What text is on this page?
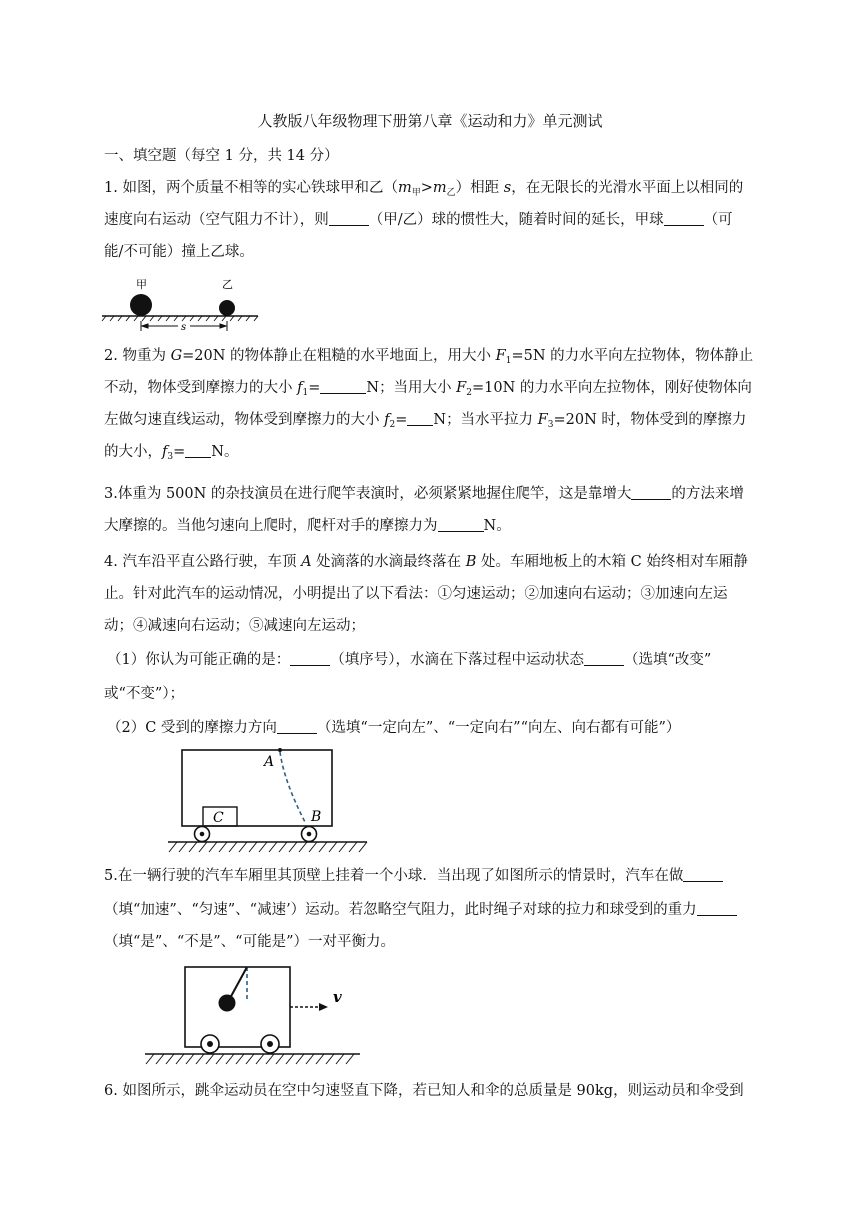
人教版八年级物理下册第八章《运动和力》单元测试
一、填空题（每空 1 分，共 14 分）
1. 如图，两个质量不相等的实心铁球甲和乙$(m_甲>m_乙)$相距 s，在无限长的光滑水平面上以相同的
速度向右运动（空气阻力不计），则	（甲/乙）球的惯性大，随着时间的延长，甲球	（可
能/不可能）撞上乙球。
甲	乙
s
2. 物重为 G=20N 的物体静止在粗糙的水平地面上，用大小 $F_1=5N$ 的力水平向左拉物体，物体静止
不动，物体受到摩擦力的大小 $f_1=$	N；当用大小 $F_2=10N$ 的力水平向左拉物体，刚好使物体向
左做匀速直线运动，物体受到摩擦力的大小 $f_2= N$；当水平拉力 $F_3=20N$ 时，物体受到的摩擦力
的大小，$f_3= N$。
3.体重为 500N 的杂技演员在进行爬竿表演时，必须紧紧地握住爬竿，这是靠增大	的方法来增
大摩擦的。当他匀速向上爬时，爬杆对手的摩擦力为	N。
4. 汽车沿平直公路行驶，车顶 A 处滴落的水滴最终落在 B 处。车厢地板上的木箱 C 始终相对车厢静
止。针对此汽车的运动情况，小明提出了以下看法：①匀速运动；②加速向右运动；③加速向左运
动；④减速向右运动；⑤减速向左运动；
（1）你认为可能正确的是：	（填序号），水滴在下落过程中运动状态	（选填“改变”
或“不变”）；
（2）C 受到的摩擦力方向	（选填“一定向左”、“一定向右”“向左、向右都有可能”）
A
B
C
5.在一辆行驶的汽车车厢里其顶壁上挂着一个小球．当出现了如图所示的情景时，汽车在做
（填“加速”、“匀速”、“减速’）运动。若忽略空气阻力，此时绳子对球的拉力和球受到的重力
（填“是”、“不是”、“可能是”）一对平衡力。
v
6. 如图所示，跳伞运动员在空中匀速竖直下降，若已知人和伞的总质量是 90kg，则运动员和伞受到
